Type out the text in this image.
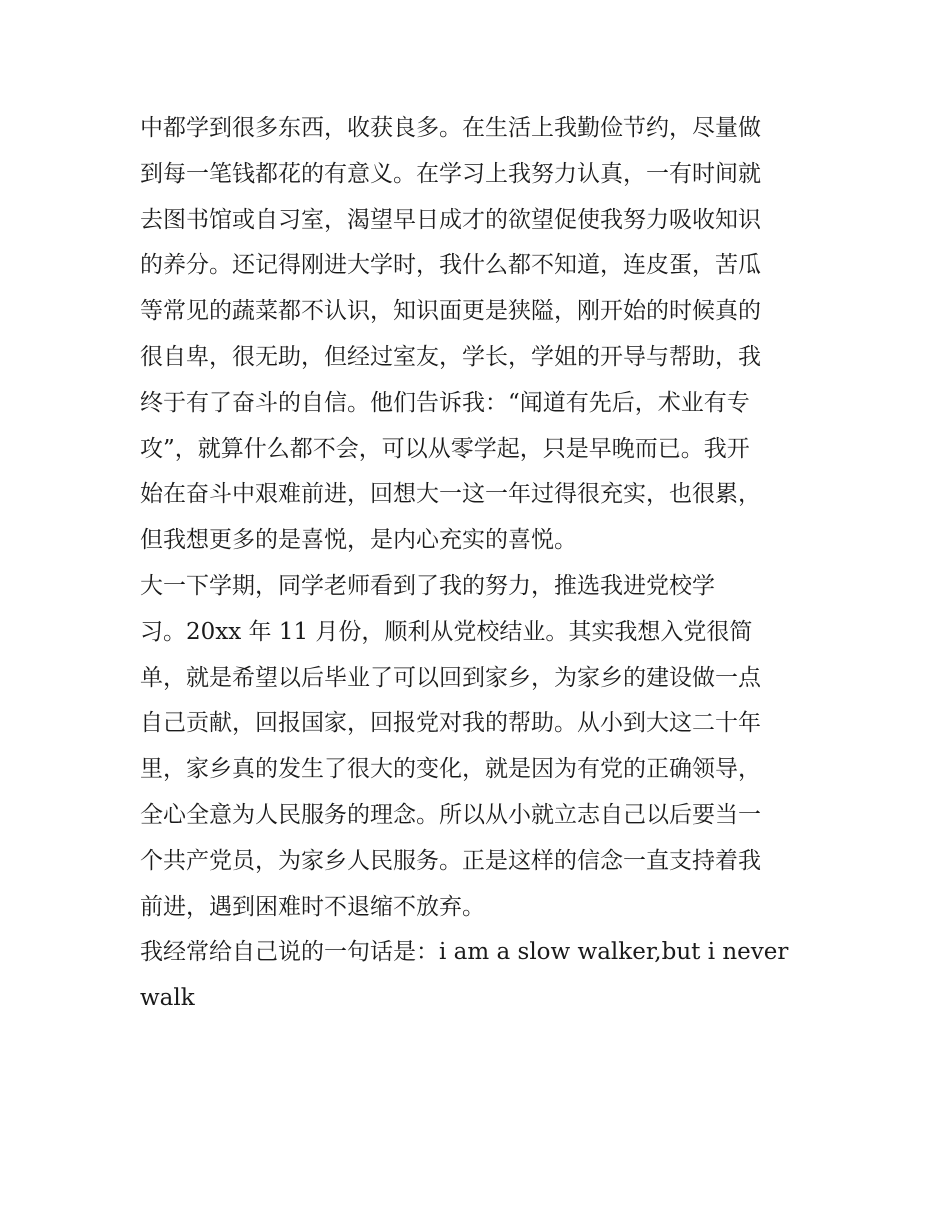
中都学到很多东西，收获良多。在生活上我勤俭节约，尽量做
到每一笔钱都花的有意义。在学习上我努力认真，一有时间就
去图书馆或自习室，渴望早日成才的欲望促使我努力吸收知识
的养分。还记得刚进大学时，我什么都不知道，连皮蛋，苦瓜
等常见的蔬菜都不认识，知识面更是狭隘，刚开始的时候真的
很自卑，很无助，但经过室友，学长，学姐的开导与帮助，我
终于有了奋斗的自信。他们告诉我：“闻道有先后，术业有专
攻”，就算什么都不会，可以从零学起，只是早晚而已。我开
始在奋斗中艰难前进，回想大一这一年过得很充实，也很累，
但我想更多的是喜悦，是内心充实的喜悦。
大一下学期，同学老师看到了我的努力，推选我进党校学
习。20xx 年 11 月份，顺利从党校结业。其实我想入党很简
单，就是希望以后毕业了可以回到家乡，为家乡的建设做一点
自己贡献，回报国家，回报党对我的帮助。从小到大这二十年
里，家乡真的发生了很大的变化，就是因为有党的正确领导，
全心全意为人民服务的理念。所以从小就立志自己以后要当一
个共产党员，为家乡人民服务。正是这样的信念一直支持着我
前进，遇到困难时不退缩不放弃。
我经常给自己说的一句话是：i am a slow walker,but i never
walk
